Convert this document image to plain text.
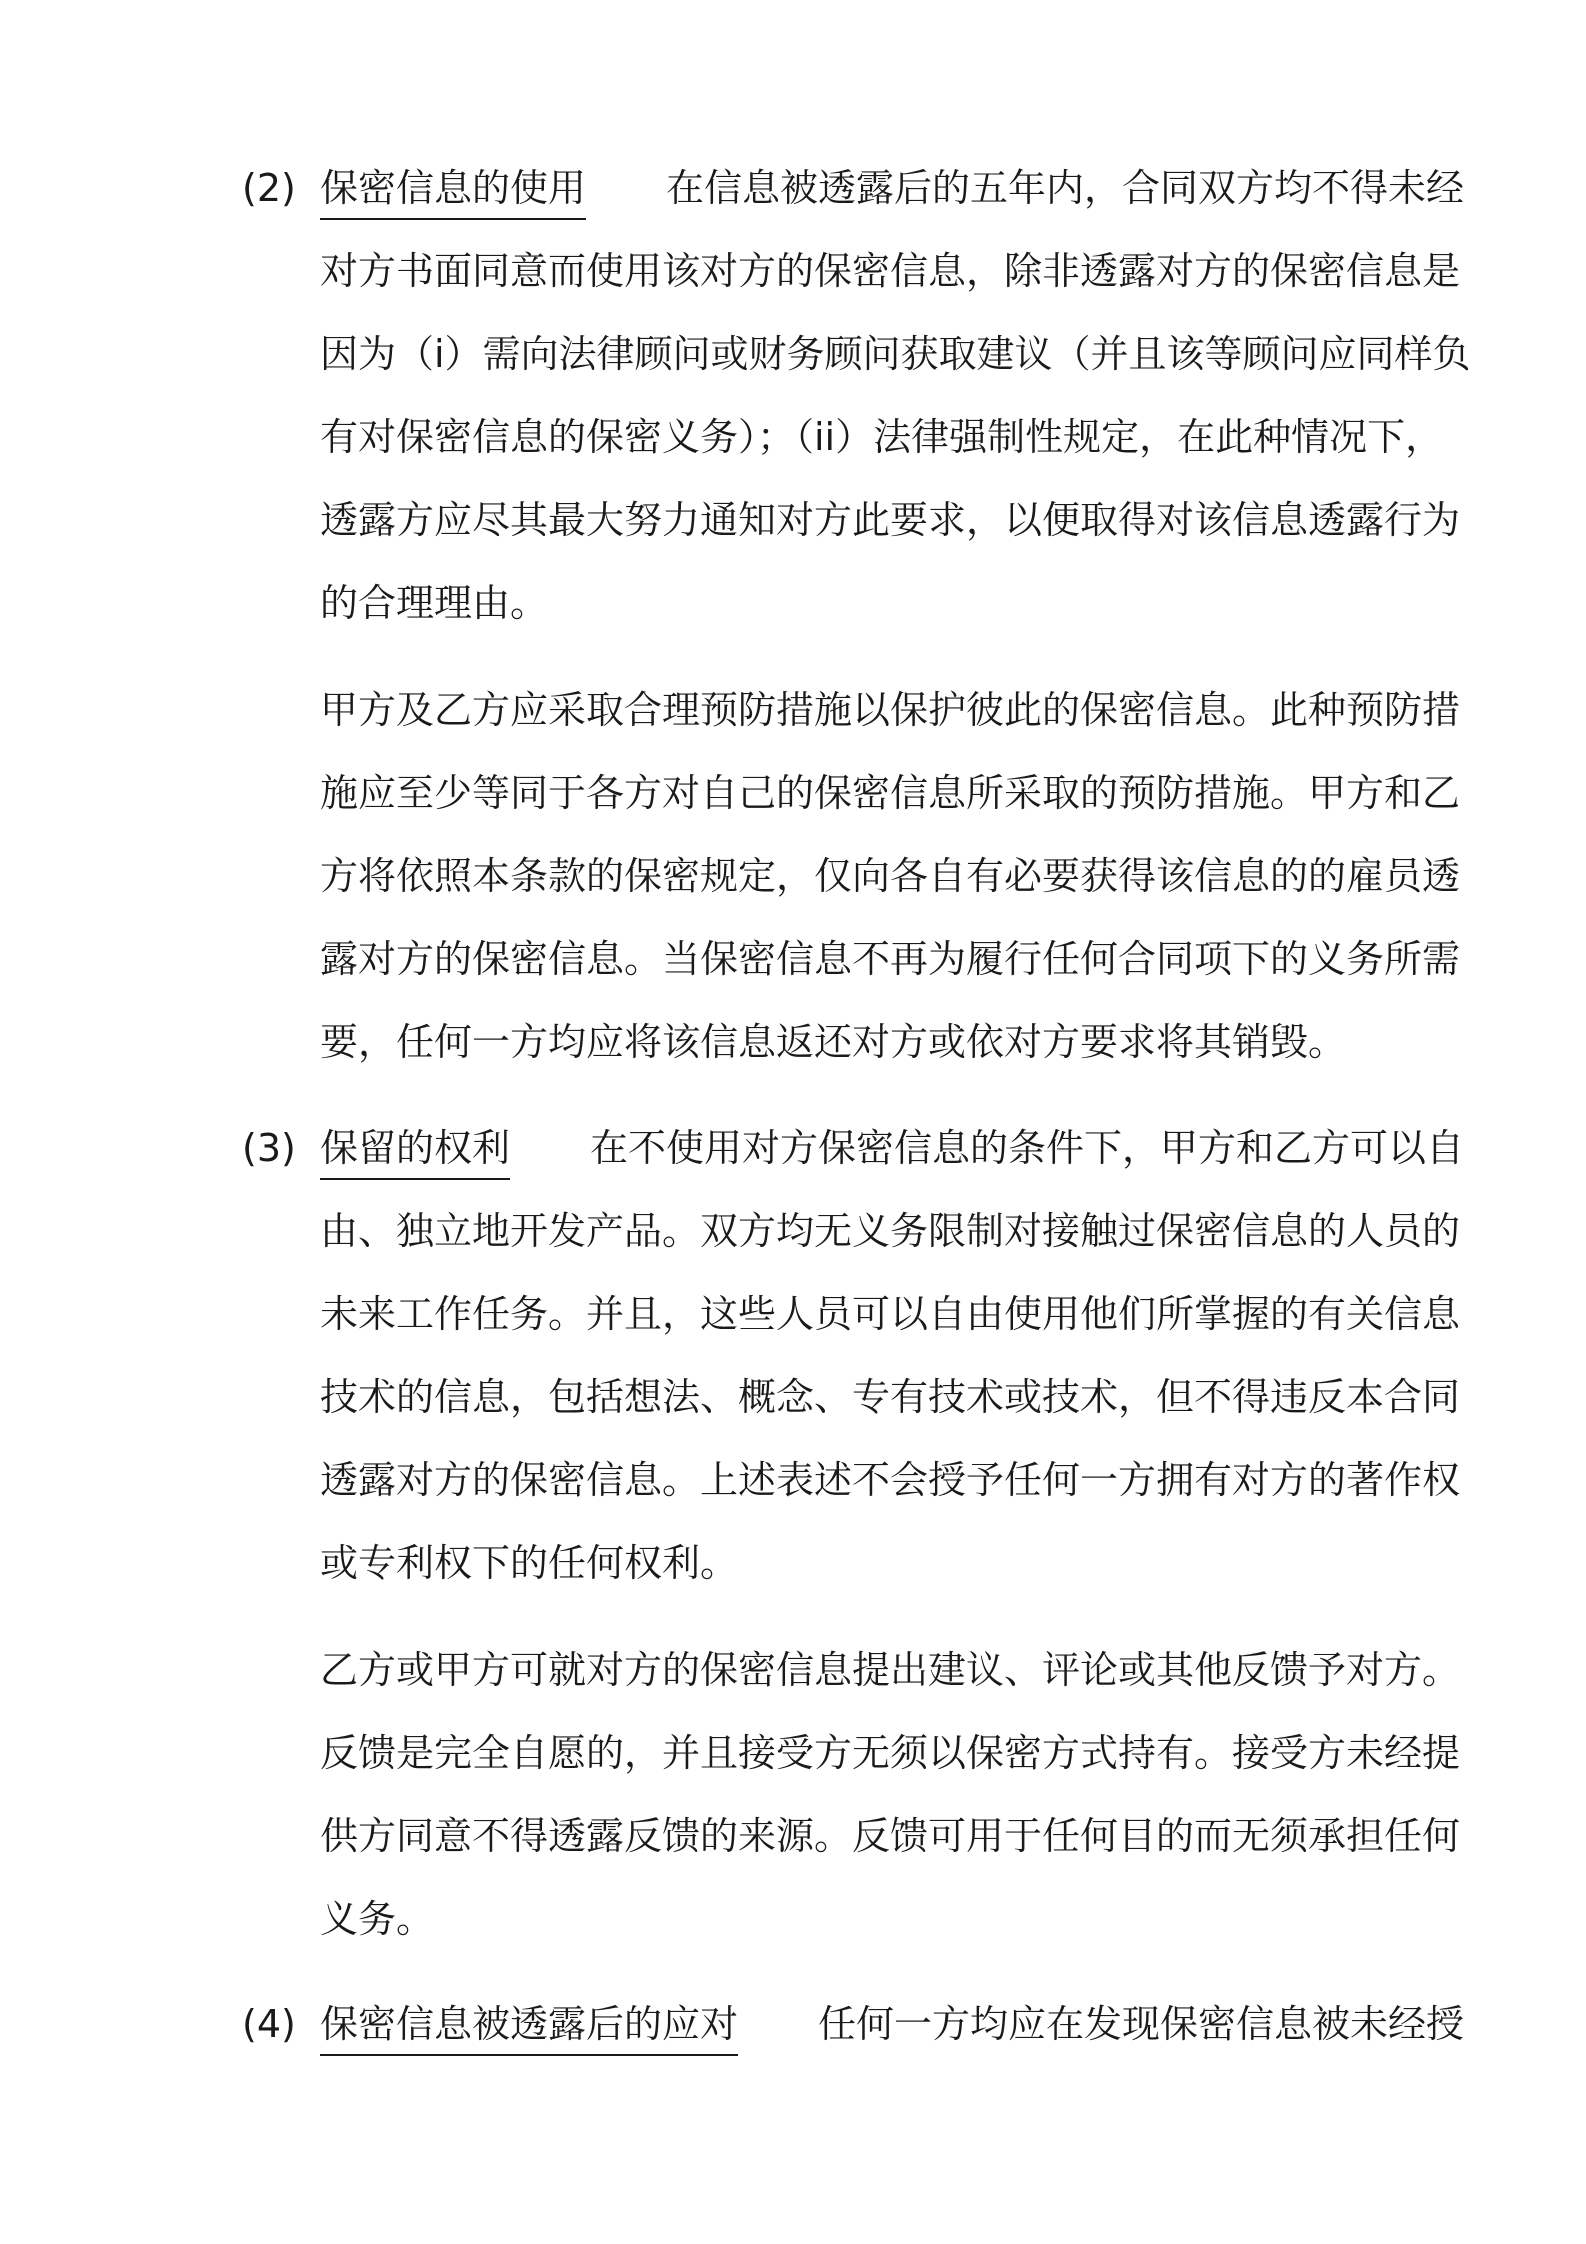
(2) 保密信息的使用 在信息被透露后的五年内，合同双方均不得未经
对方书面同意而使用该对方的保密信息，除非透露对方的保密信息是
因为（i）需向法律顾问或财务顾问获取建议（并且该等顾问应同样负
有对保密信息的保密义务）；（ii）法律强制性规定，在此种情况下，
透露方应尽其最大努力通知对方此要求，以便取得对该信息透露行为
的合理理由。
甲方及乙方应采取合理预防措施以保护彼此的保密信息。此种预防措
施应至少等同于各方对自己的保密信息所采取的预防措施。甲方和乙
方将依照本条款的保密规定，仅向各自有必要获得该信息的的雇员透
露对方的保密信息。当保密信息不再为履行任何合同项下的义务所需
要，任何一方均应将该信息返还对方或依对方要求将其销毁。
(3) 保留的权利 在不使用对方保密信息的条件下，甲方和乙方可以自
由、独立地开发产品。双方均无义务限制对接触过保密信息的人员的
未来工作任务。并且，这些人员可以自由使用他们所掌握的有关信息
技术的信息，包括想法、概念、专有技术或技术，但不得违反本合同
透露对方的保密信息。上述表述不会授予任何一方拥有对方的著作权
或专利权下的任何权利。
乙方或甲方可就对方的保密信息提出建议、评论或其他反馈予对方。
反馈是完全自愿的，并且接受方无须以保密方式持有。接受方未经提
供方同意不得透露反馈的来源。反馈可用于任何目的而无须承担任何
义务。
(4) 保密信息被透露后的应对 任何一方均应在发现保密信息被未经授
